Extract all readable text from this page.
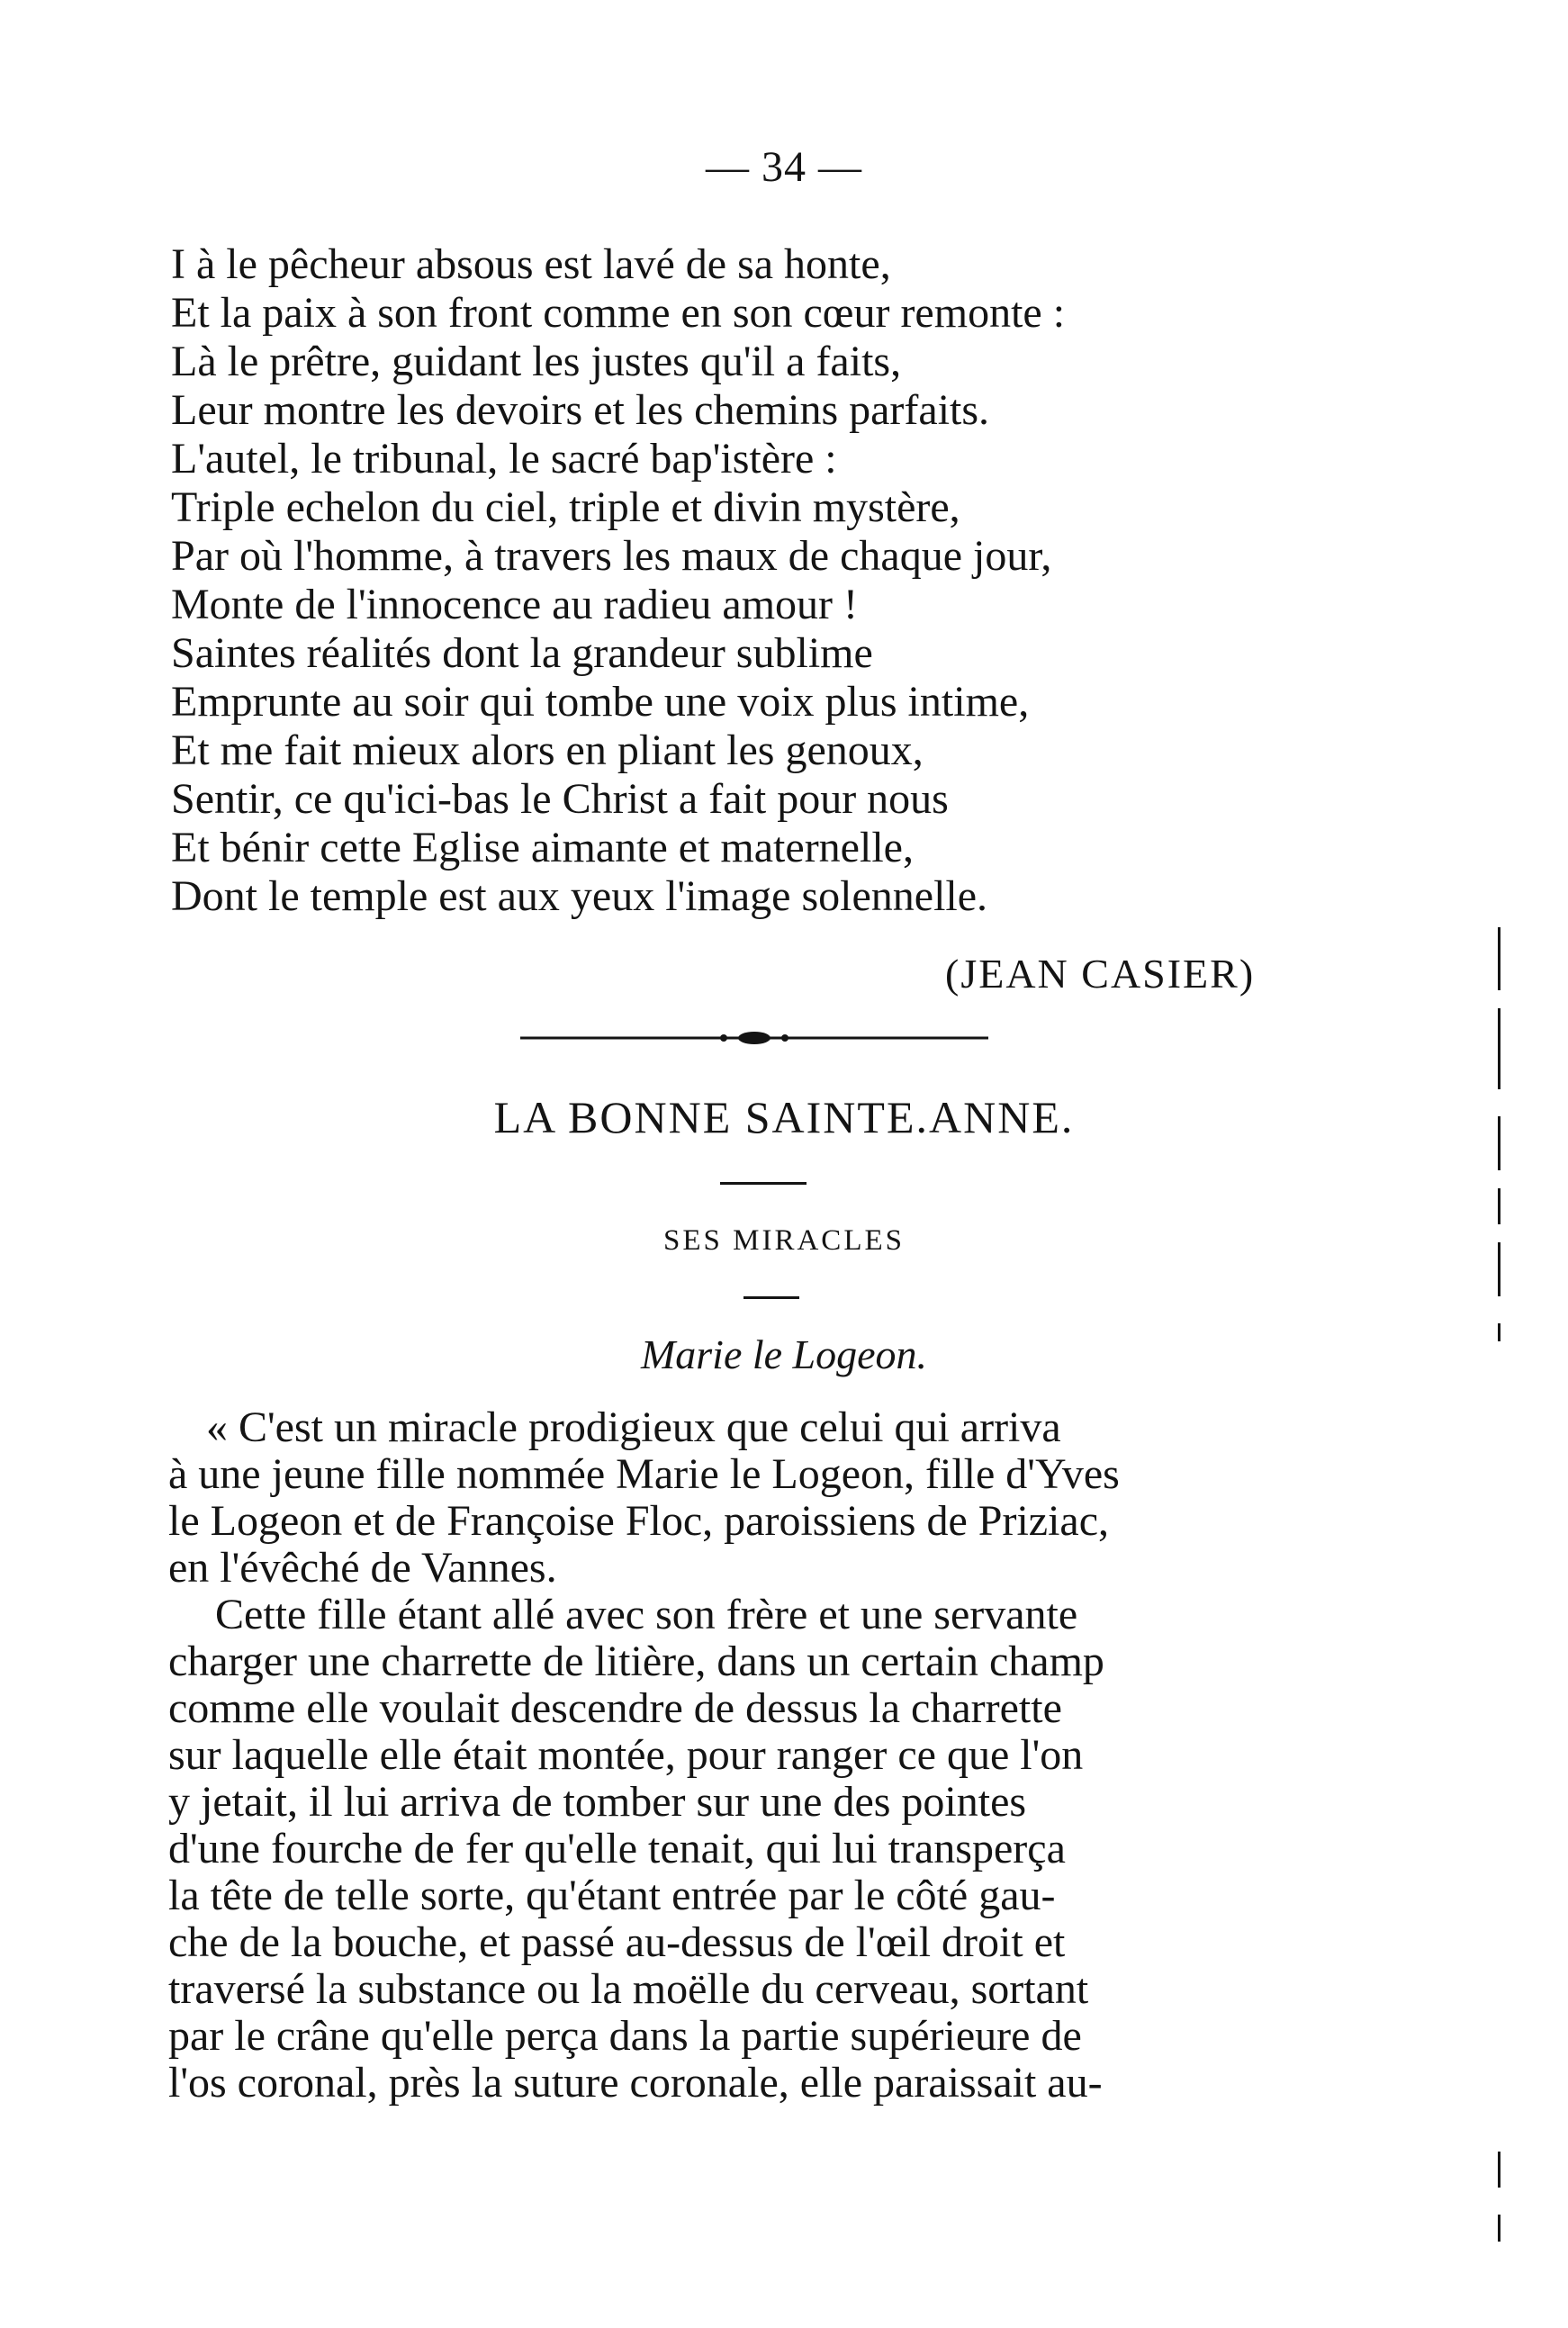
— 34 —
I à le pêcheur absous est lavé de sa honte,
Et la paix à son front comme en son cœur remonte :
Là le prêtre, guidant les justes qu'il a faits,
Leur montre les devoirs et les chemins parfaits.
L'autel, le tribunal, le sacré bap'istère :
Triple echelon du ciel, triple et divin mystère,
Par où l'homme, à travers les maux de chaque jour,
Monte de l'innocence au radieu amour !
Saintes réalités dont la grandeur sublime
Emprunte au soir qui tombe une voix plus intime,
Et me fait mieux alors en pliant les genoux,
Sentir, ce qu'ici-bas le Christ a fait pour nous
Et bénir cette Eglise aimante et maternelle,
Dont le temple est aux yeux l'image solennelle.
(JEAN CASIER)
LA BONNE SAINTE.ANNE.
SES MIRACLES
Marie le Logeon.
« C'est un miracle prodigieux que celui qui arriva
à une jeune fille nommée Marie le Logeon, fille d'Yves
le Logeon et de Françoise Floc, paroissiens de Priziac,
en l'évêché de Vannes.
Cette fille étant allé avec son frère et une servante
charger une charrette de litière, dans un certain champ
comme elle voulait descendre de dessus la charrette
sur laquelle elle était montée, pour ranger ce que l'on
y jetait, il lui arriva de tomber sur une des pointes
d'une fourche de fer qu'elle tenait, qui lui transperça
la tête de telle sorte, qu'étant entrée par le côté gau-
che de la bouche, et passé au-dessus de l'œil droit et
traversé la substance ou la moëlle du cerveau, sortant
par le crâne qu'elle perça dans la partie supérieure de
l'os coronal, près la suture coronale, elle paraissait au-
